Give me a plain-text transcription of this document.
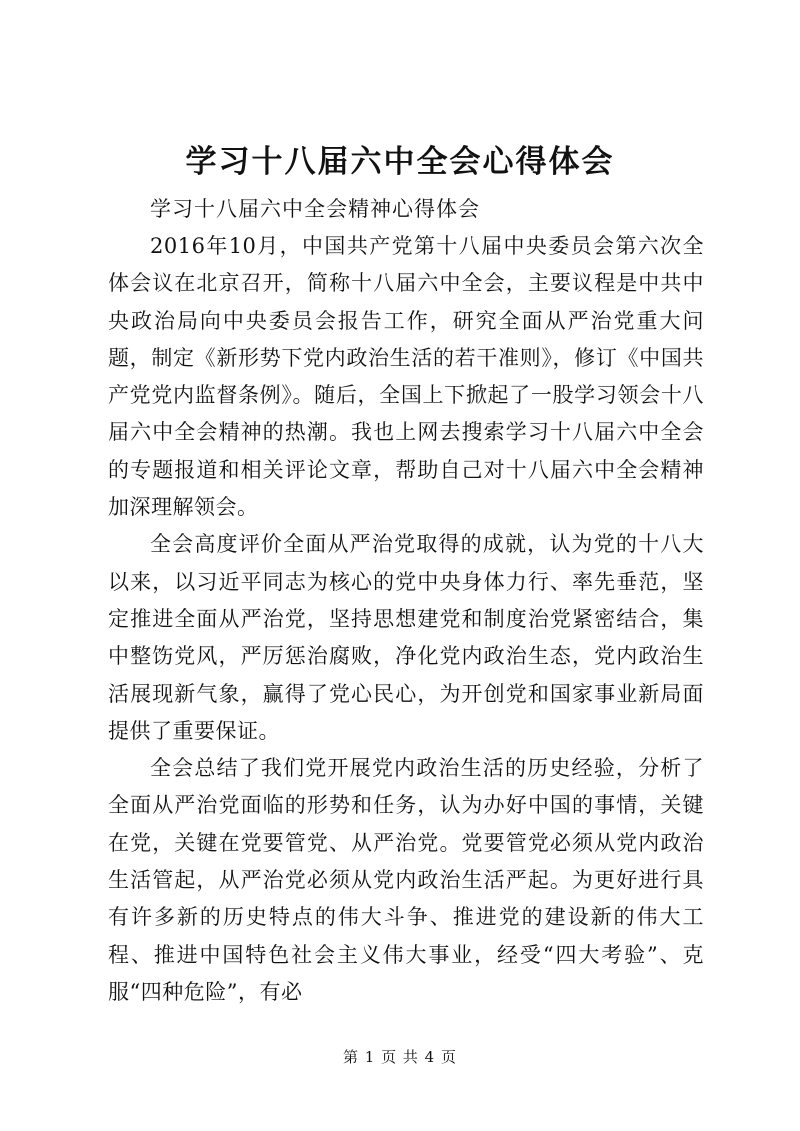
学习十八届六中全会心得体会

学习十八届六中全会精神心得体会

2016年10月，中国共产党第十八届中央委员会第六次全体会议在北京召开，简称十八届六中全会，主要议程是中共中央政治局向中央委员会报告工作，研究全面从严治党重大问题，制定《新形势下党内政治生活的若干准则》，修订《中国共产党党内监督条例》。随后，全国上下掀起了一股学习领会十八届六中全会精神的热潮。我也上网去搜索学习十八届六中全会的专题报道和相关评论文章，帮助自己对十八届六中全会精神加深理解领会。

全会高度评价全面从严治党取得的成就，认为党的十八大以来，以习近平同志为核心的党中央身体力行、率先垂范，坚定推进全面从严治党，坚持思想建党和制度治党紧密结合，集中整饬党风，严厉惩治腐败，净化党内政治生态，党内政治生活展现新气象，赢得了党心民心，为开创党和国家事业新局面提供了重要保证。

全会总结了我们党开展党内政治生活的历史经验，分析了全面从严治党面临的形势和任务，认为办好中国的事情，关键在党，关键在党要管党、从严治党。党要管党必须从党内政治生活管起，从严治党必须从党内政治生活严起。为更好进行具有许多新的历史特点的伟大斗争、推进党的建设新的伟大工程、推进中国特色社会主义伟大事业，经受“四大考验”、克服“四种危险”，有必

第 1 页 共 4 页
